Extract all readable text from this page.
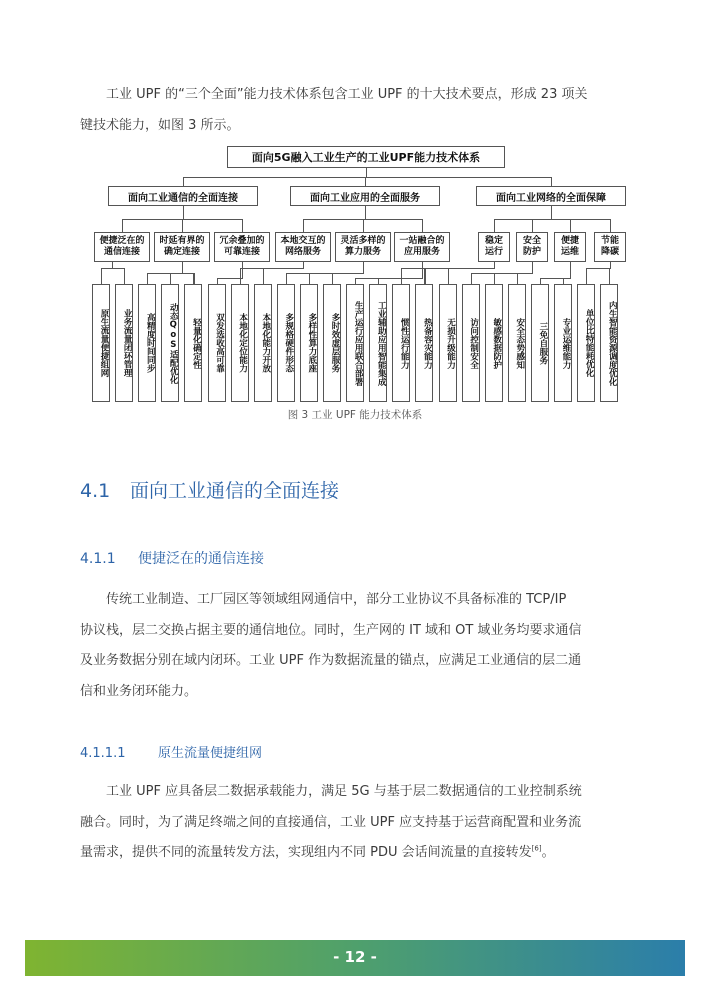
工业 UPF 的“三个全面”能力技术体系包含工业 UPF 的十大技术要点，形成 23 项关
键技术能力，如图 3 所示。

面向5G融入工业生产的工业UPF能力技术体系
面向工业通信的全面连接	面向工业应用的全面服务	面向工业网络的全面保障
便捷泛在的
通信连接
时延有界的
确定连接
冗余叠加的
可靠连接
本地交互的
网络服务
灵活多样的
算力服务
一站融合的
应用服务
稳定
运行
安全
防护
便捷
运维
节能
降碳
原生流量便捷组网	业务流量闭环管理	高精度时间同步	动态QoS适配优化	轻量化确定性	双发选收高可靠	本地化定位能力	本地化能力开放	多规格硬件形态	多样性算力底座	多时效虚层服务	生产运行应用联合部署	工业辅助应用智能集成	惯性运行能力	热备容灾能力	无损升级能力	访问控制安全	敏感数据防护	安全态势感知	三免自服务	专业运维能力	单位比特能耗优化	内生智能资源调度优化
图 3 工业 UPF 能力技术体系
4.1 面向工业通信的全面连接
4.1.1 便捷泛在的通信连接

传统工业制造、工厂园区等领域组网通信中，部分工业协议不具备标准的 TCP/IP
协议栈，层二交换占据主要的通信地位。同时，生产网的 IT 域和 OT 域业务均要求通信
及业务数据分别在域内闭环。工业 UPF 作为数据流量的锚点，应满足工业通信的层二通
信和业务闭环能力。

4.1.1.1	原生流量便捷组网

工业 UPF 应具备层二数据承载能力，满足 5G 与基于层二数据通信的工业控制系统
融合。同时，为了满足终端之间的直接通信，工业 UPF 应支持基于运营商配置和业务流
量需求，提供不同的流量转发方法，实现组内不同 PDU 会话间流量的直接转发[6]。

- 12 -
